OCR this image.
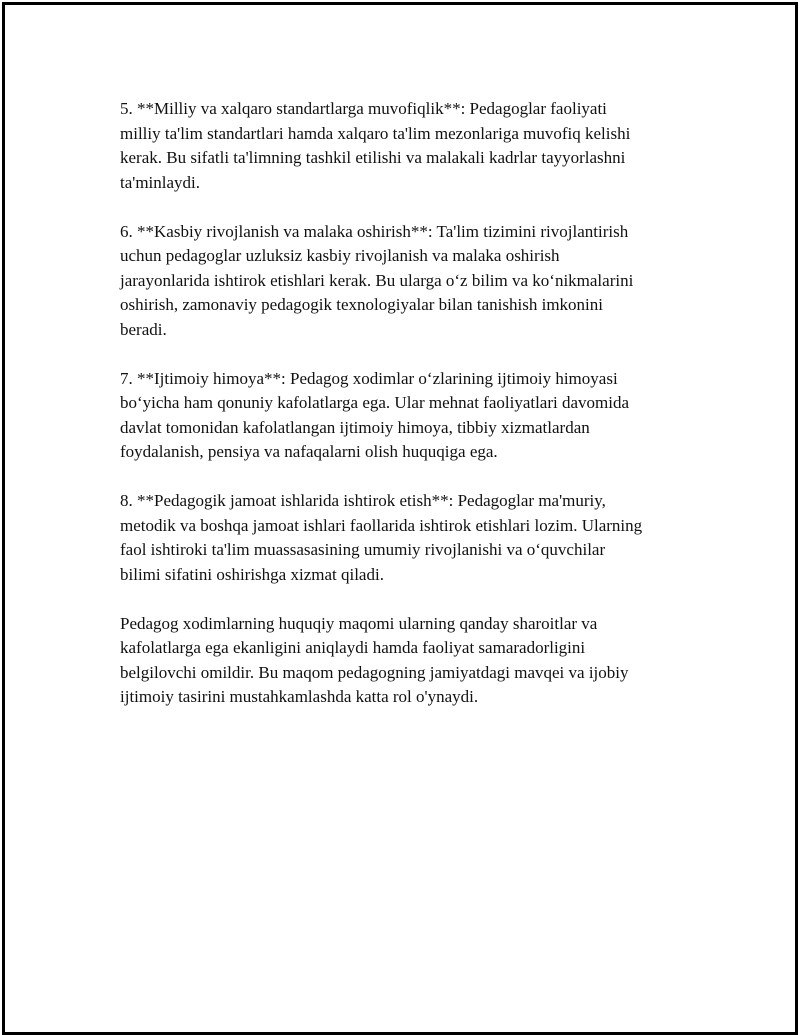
5. **Milliy va xalqaro standartlarga muvofiqlik**: Pedagoglar faoliyati
milliy ta'lim standartlari hamda xalqaro ta'lim mezonlariga muvofiq kelishi
kerak. Bu sifatli ta'limning tashkil etilishi va malakali kadrlar tayyorlashni
ta'minlaydi.

6. **Kasbiy rivojlanish va malaka oshirish**: Ta'lim tizimini rivojlantirish
uchun pedagoglar uzluksiz kasbiy rivojlanish va malaka oshirish
jarayonlarida ishtirok etishlari kerak. Bu ularga o‘z bilim va ko‘nikmalarini
oshirish, zamonaviy pedagogik texnologiyalar bilan tanishish imkonini
beradi.

7. **Ijtimoiy himoya**: Pedagog xodimlar o‘zlarining ijtimoiy himoyasi
bo‘yicha ham qonuniy kafolatlarga ega. Ular mehnat faoliyatlari davomida
davlat tomonidan kafolatlangan ijtimoiy himoya, tibbiy xizmatlardan
foydalanish, pensiya va nafaqalarni olish huquqiga ega.

8. **Pedagogik jamoat ishlarida ishtirok etish**: Pedagoglar ma'muriy,
metodik va boshqa jamoat ishlari faollarida ishtirok etishlari lozim. Ularning
faol ishtiroki ta'lim muassasasining umumiy rivojlanishi va o‘quvchilar
bilimi sifatini oshirishga xizmat qiladi.

Pedagog xodimlarning huquqiy maqomi ularning qanday sharoitlar va
kafolatlarga ega ekanligini aniqlaydi hamda faoliyat samaradorligini
belgilovchi omildir. Bu maqom pedagogning jamiyatdagi mavqei va ijobiy
ijtimoiy tasirini mustahkamlashda katta rol o'ynaydi.
